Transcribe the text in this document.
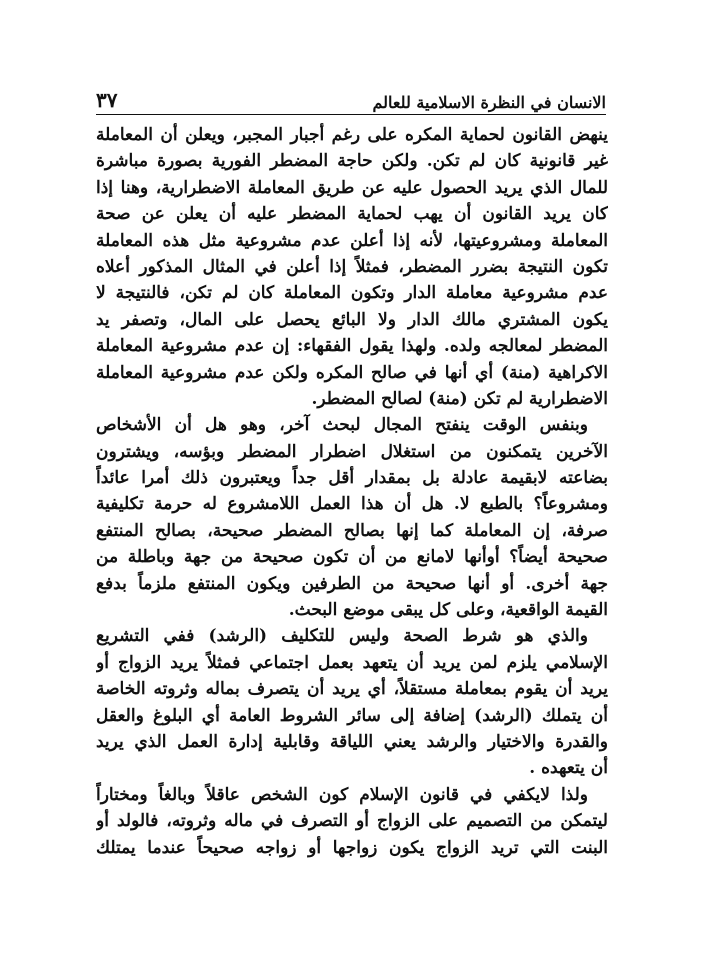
الانسان في النظرة الاسلامية للعالم
٣٧
ينهض القانون لحماية المكره على رغم أجبار المجبر، ويعلن أن المعاملة
غير قانونية كان لم تكن. ولكن حاجة المضطر الفورية بصورة مباشرة
للمال الذي يريد الحصول عليه عن طريق المعاملة الاضطرارية، وهنا إذا
كان يريد القانون أن يهب لحماية المضطر عليه أن يعلن عن صحة
المعاملة ومشروعيتها، لأنه إذا أعلن عدم مشروعية مثل هذه المعاملة
تكون النتيجة بضرر المضطر، فمثلاً إذا أعلن في المثال المذكور أعلاه
عدم مشروعية معاملة الدار وتكون المعاملة كان لم تكن، فالنتيجة لا
يكون المشتري مالك الدار ولا البائع يحصل على المال، وتصفر يد
المضطر لمعالجه ولده. ولهذا يقول الفقهاء: إن عدم مشروعية المعاملة
الاكراهية (منة) أي أنها في صالح المكره ولكن عدم مشروعية المعاملة
الاضطرارية لم تكن (منة) لصالح المضطر.
وبنفس الوقت ينفتح المجال لبحث آخر، وهو هل أن الأشخاص
الآخرين يتمكنون من استغلال اضطرار المضطر وبؤسه، ويشترون
بضاعته لابقيمة عادلة بل بمقدار أقل جداً ويعتبرون ذلك أمرا عائداً
ومشروعاً؟ بالطبع لا. هل أن هذا العمل اللامشروع له حرمة تكليفية
صرفة، إن المعاملة كما إنها بصالح المضطر صحيحة، بصالح المنتفع
صحيحة أيضاً؟ أوأنها لامانع من أن تكون صحيحة من جهة وباطلة من
جهة أخرى. أو أنها صحيحة من الطرفين ويكون المنتفع ملزماً بدفع
القيمة الواقعية، وعلى كل يبقى موضع البحث.
والذي هو شرط الصحة وليس للتكليف (الرشد) ففي التشريع
الإسلامي يلزم لمن يريد أن يتعهد بعمل اجتماعي فمثلاً يريد الزواج أو
يريد أن يقوم بمعاملة مستقلاً، أي يريد أن يتصرف بماله وثروته الخاصة
أن يتملك (الرشد) إضافة إلى سائر الشروط العامة أي البلوغ والعقل
والقدرة والاختيار والرشد يعني اللياقة وقابلية إدارة العمل الذي يريد
أن يتعهده .
ولذا لايكفي في قانون الإسلام كون الشخص عاقلاً وبالغاً ومختاراً
ليتمكن من التصميم على الزواج أو التصرف في ماله وثروته، فالولد أو
البنت التي تريد الزواج يكون زواجها أو زواجه صحيحاً عندما يمتلك
